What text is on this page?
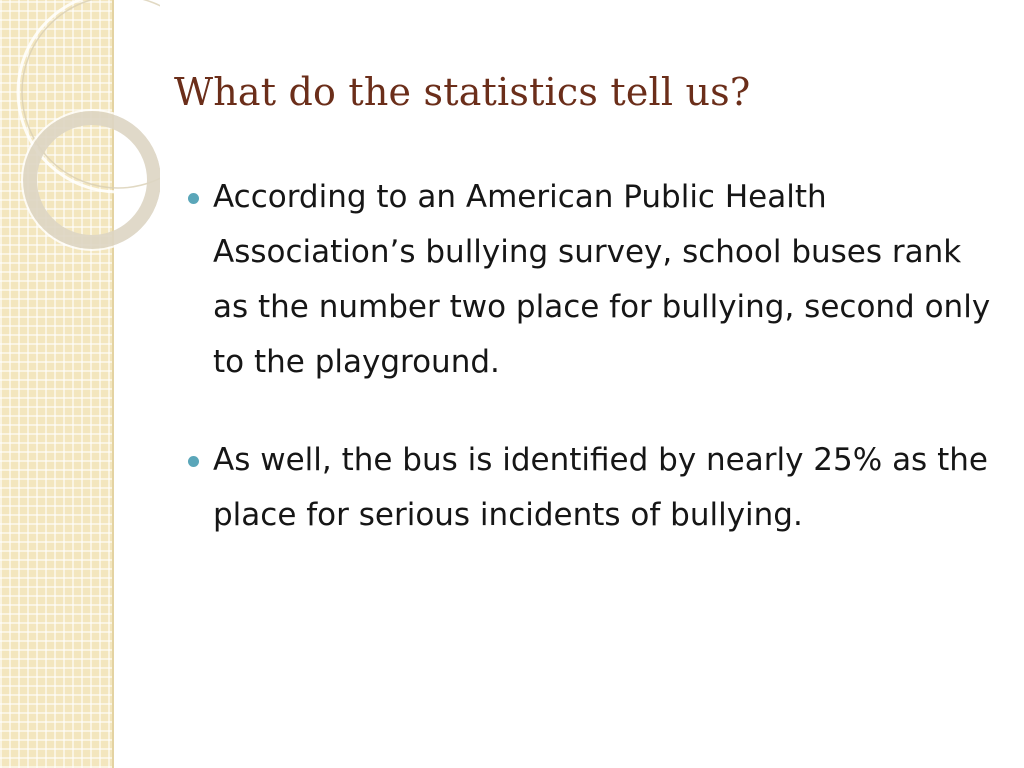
What do the statistics tell us?
According to an American Public Health Association’s bullying survey, school buses rank as the number two place for bullying, second only to the playground.
As well, the bus is identified by nearly 25% as the place for serious incidents of bullying.
